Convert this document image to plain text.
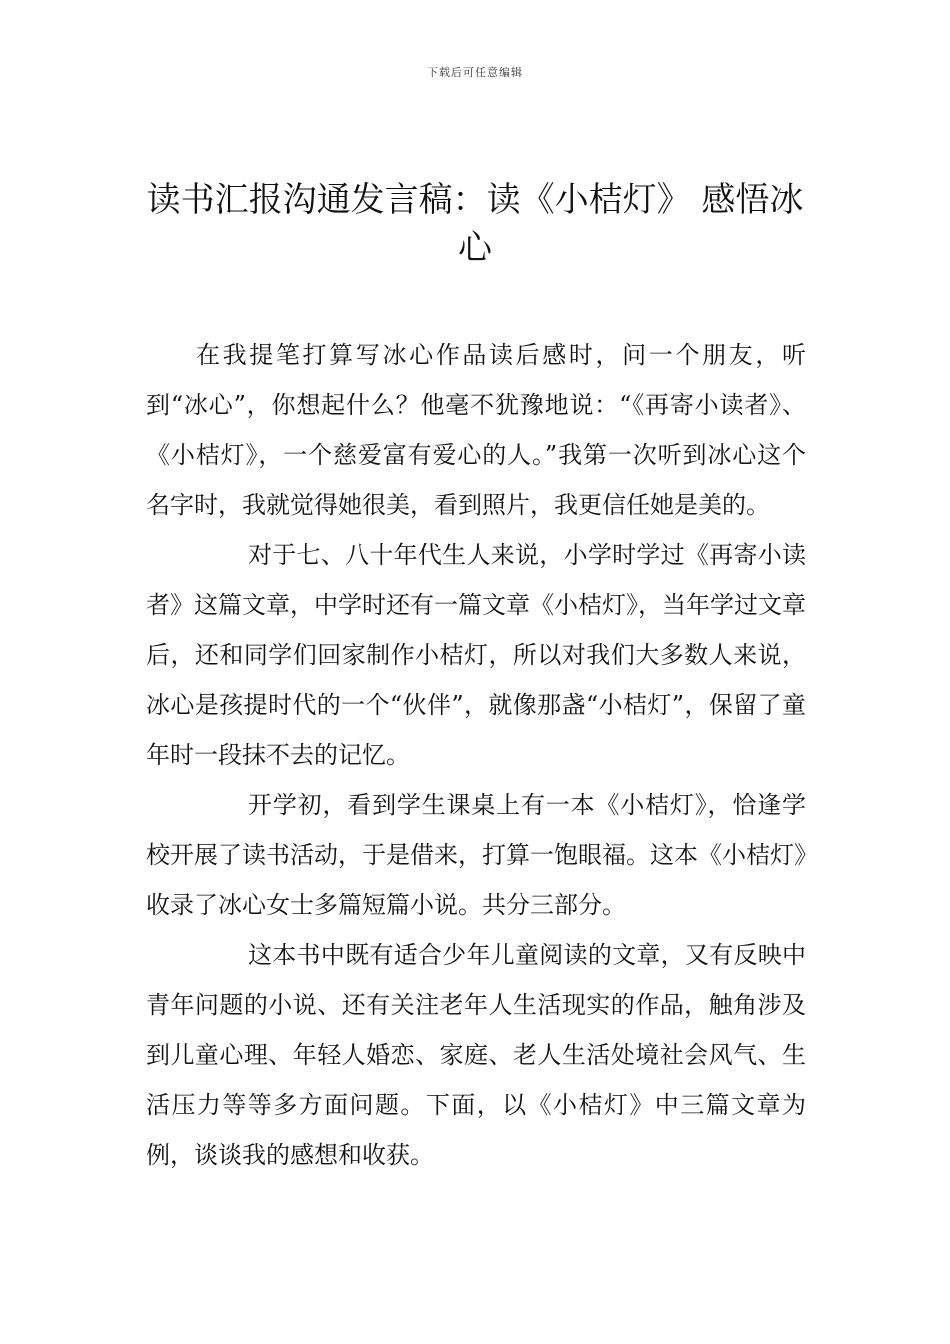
下载后可任意编辑
读书汇报沟通发言稿：读《小桔灯》 感悟冰心

在我提笔打算写冰心作品读后感时，问一个朋友，听到“冰心”，你想起什么？他毫不犹豫地说：“《再寄小读者》、《小桔灯》，一个慈爱富有爱心的人。”我第一次听到冰心这个名字时，我就觉得她很美，看到照片，我更信任她是美的。

对于七、八十年代生人来说，小学时学过《再寄小读者》这篇文章，中学时还有一篇文章《小桔灯》，当年学过文章后，还和同学们回家制作小桔灯，所以对我们大多数人来说，冰心是孩提时代的一个“伙伴”，就像那盏“小桔灯”，保留了童年时一段抹不去的记忆。

开学初，看到学生课桌上有一本《小桔灯》，恰逢学校开展了读书活动，于是借来，打算一饱眼福。这本《小桔灯》收录了冰心女士多篇短篇小说。共分三部分。

这本书中既有适合少年儿童阅读的文章，又有反映中青年问题的小说、还有关注老年人生活现实的作品，触角涉及到儿童心理、年轻人婚恋、家庭、老人生活处境社会风气、生活压力等等多方面问题。下面，以《小桔灯》中三篇文章为例，谈谈我的感想和收获。
